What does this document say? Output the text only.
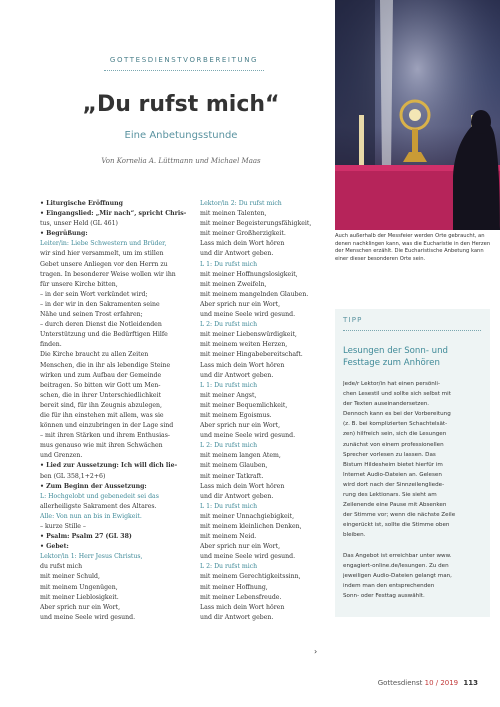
GOTTESDIENSTVORBEREITUNG
„Du rufst mich“
Eine Anbetungsstunde
Von Kornelia A. Lüttmann und Michael Maas
• Liturgische Eröffnung
• Eingangslied: „Mir nach“, spricht Chris-
tus, unser Held (GL 461)
• Begrüßung:
Leiter/in: Liebe Schwestern und Brüder,
wir sind hier versammelt, um im stillen
Gebet unsere Anliegen vor den Herrn zu
tragen. In besonderer Weise wollen wir ihn
für unsere Kirche bitten,
– in der sein Wort verkündet wird;
– in der wir in den Sakramenten seine
Nähe und seinen Trost erfahren;
– durch deren Dienst die Notleidenden
Unterstützung und die Bedürftigen Hilfe
finden.
Die Kirche braucht zu allen Zeiten
Menschen, die in ihr als lebendige Steine
wirken und zum Aufbau der Gemeinde
beitragen. So bitten wir Gott um Men-
schen, die in ihrer Unterschiedlichkeit
bereit sind, für ihn Zeugnis abzulegen,
die für ihn einstehen mit allem, was sie
können und einzubringen in der Lage sind
– mit ihren Stärken und ihrem Enthusias-
mus genauso wie mit ihren Schwächen
und Grenzen.
• Lied zur Aussetzung: Ich will dich lie-
ben (GL 358,1+2+6)
• Zum Beginn der Aussetzung:
L: Hochgelobt und gebenedeit sei das
allerheiligste Sakrament des Altares.
Alle: Von nun an bis in Ewigkeit.
– kurze Stille –
• Psalm: Psalm 27 (GL 38)
• Gebet:
Lektor/in 1: Herr Jesus Christus,
du rufst mich
mit meiner Schuld,
mit meinem Ungenügen,
mit meiner Lieblosigkeit.
Aber sprich nur ein Wort,
und meine Seele wird gesund.
Lektor/in 2: Du rufst mich
mit meinen Talenten,
mit meiner Begeisterungsfähigkeit,
mit meiner Großherzigkeit.
Lass mich dein Wort hören
und dir Antwort geben.
L 1: Du rufst mich
mit meiner Hoffnungslosigkeit,
mit meinen Zweifeln,
mit meinem mangelnden Glauben.
Aber sprich nur ein Wort,
und meine Seele wird gesund.
L 2: Du rufst mich
mit meiner Liebenswürdigkeit,
mit meinem weiten Herzen,
mit meiner Hingabebereitschaft.
Lass mich dein Wort hören
und dir Antwort geben.
L 1: Du rufst mich
mit meiner Angst,
mit meiner Bequemlichkeit,
mit meinem Egoismus.
Aber sprich nur ein Wort,
und meine Seele wird gesund.
L 2: Du rufst mich
mit meinem langen Atem,
mit meinem Glauben,
mit meiner Tatkraft.
Lass mich dein Wort hören
und dir Antwort geben.
L 1: Du rufst mich
mit meiner Unnachgiebigkeit,
mit meinem kleinlichen Denken,
mit meinem Neid.
Aber sprich nur ein Wort,
und meine Seele wird gesund.
L 2: Du rufst mich
mit meinem Gerechtigkeitssinn,
mit meiner Hoffnung,
mit meiner Lebensfreude.
Lass mich dein Wort hören
und dir Antwort geben.
›
Auch außerhalb der Messfeier werden Orte gebraucht, an denen nachklingen kann, was die Eucharistie in den Herzen der Menschen erzählt. Die Eucharistische Anbetung kann einer dieser besonderen Orte sein.
TIPP
Lesungen der Sonn- und Festtage zum Anhören
Jede/r Lektor/in hat einen persönli-
chen Lesestil und sollte sich selbst mit
der Texten auseinandersetzen.
Dennoch kann es bei der Vorbereitung
(z. B. bei komplizierten Schachtelsät-
zen) hilfreich sein, sich die Lesungen
zunächst von einem professionellen
Sprecher vorlesen zu lassen. Das
Bistum Hildesheim bietet hierfür im
Internet Audio-Dateien an. Gelesen
wird dort nach der Sinnzeilengliede-
rung des Lektionars. Sie sieht am
Zeilenende eine Pause mit Absenken
der Stimme vor; wenn die nächste Zeile
eingerückt ist, sollte die Stimme oben
bleiben.

Das Angebot ist erreichbar unter www.
engagiert-online.de/lesungen. Zu den
jeweiligen Audio-Dateien gelangt man,
indem man den entsprechenden
Sonn- oder Festtag auswählt.
Gottesdienst 10 / 2019 113
